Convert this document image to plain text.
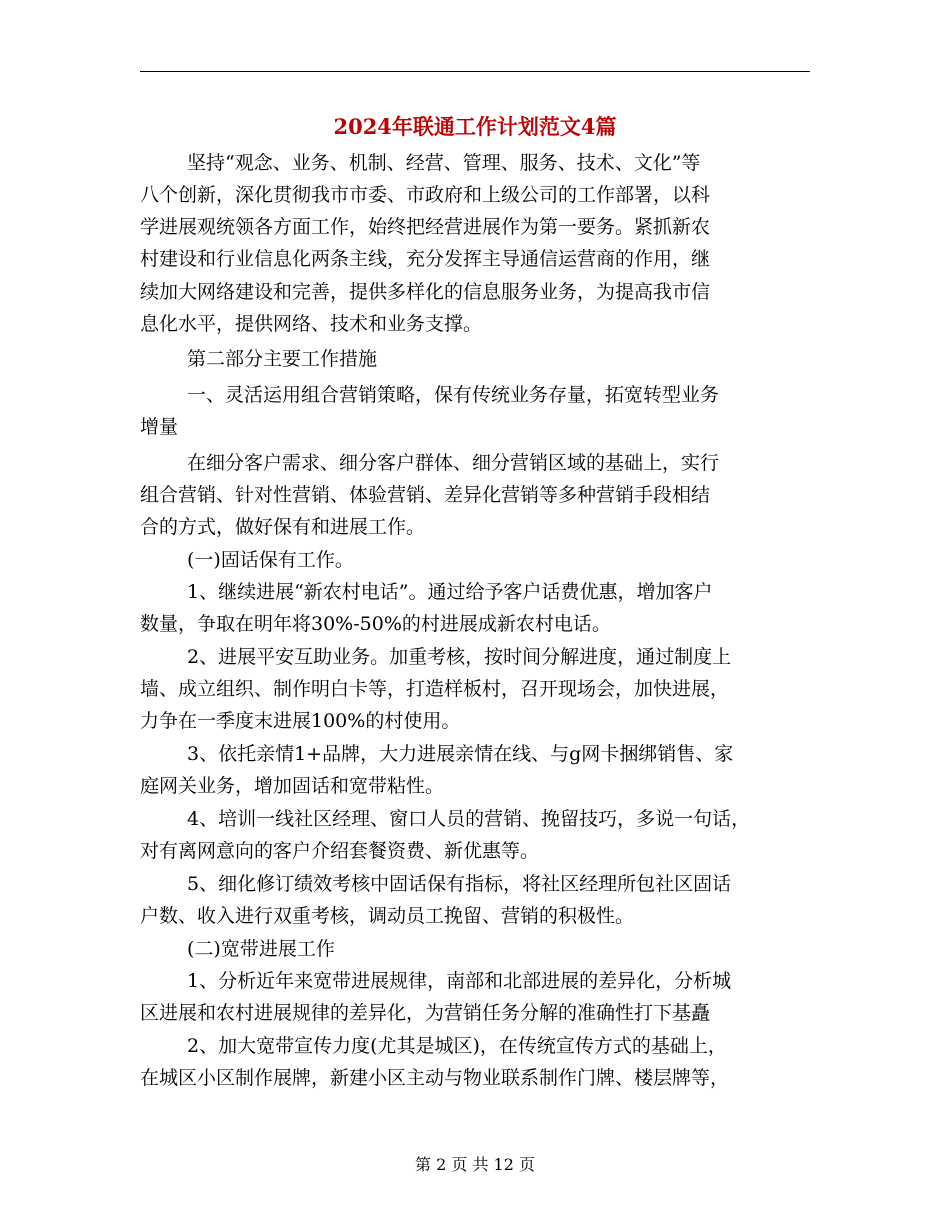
2024年联通工作计划范文4篇
坚持“观念、业务、机制、经营、管理、服务、技术、文化”等
八个创新，深化贯彻我市市委、市政府和上级公司的工作部署，以科
学进展观统领各方面工作，始终把经营进展作为第一要务。紧抓新农
村建设和行业信息化两条主线，充分发挥主导通信运营商的作用，继
续加大网络建设和完善，提供多样化的信息服务业务，为提高我市信
息化水平，提供网络、技术和业务支撑。
第二部分主要工作措施
一、灵活运用组合营销策略，保有传统业务存量，拓宽转型业务
增量
在细分客户需求、细分客户群体、细分营销区域的基础上，实行
组合营销、针对性营销、体验营销、差异化营销等多种营销手段相结
合的方式，做好保有和进展工作。
(一)固话保有工作。
1、继续进展“新农村电话”。通过给予客户话费优惠，增加客户
数量，争取在明年将30%-50%的村进展成新农村电话。
2、进展平安互助业务。加重考核，按时间分解进度，通过制度上
墙、成立组织、制作明白卡等，打造样板村，召开现场会，加快进展，
力争在一季度末进展100%的村使用。
3、依托亲情1+品牌，大力进展亲情在线、与g网卡捆绑销售、家
庭网关业务，增加固话和宽带粘性。
4、培训一线社区经理、窗口人员的营销、挽留技巧，多说一句话，
对有离网意向的客户介绍套餐资费、新优惠等。
5、细化修订绩效考核中固话保有指标，将社区经理所包社区固话
户数、收入进行双重考核，调动员工挽留、营销的积极性。
(二)宽带进展工作
1、分析近年来宽带进展规律，南部和北部进展的差异化，分析城
区进展和农村进展规律的差异化，为营销任务分解的准确性打下基矗
2、加大宽带宣传力度(尤其是城区)，在传统宣传方式的基础上，
在城区小区制作展牌，新建小区主动与物业联系制作门牌、楼层牌等，
第 2 页 共 12 页
